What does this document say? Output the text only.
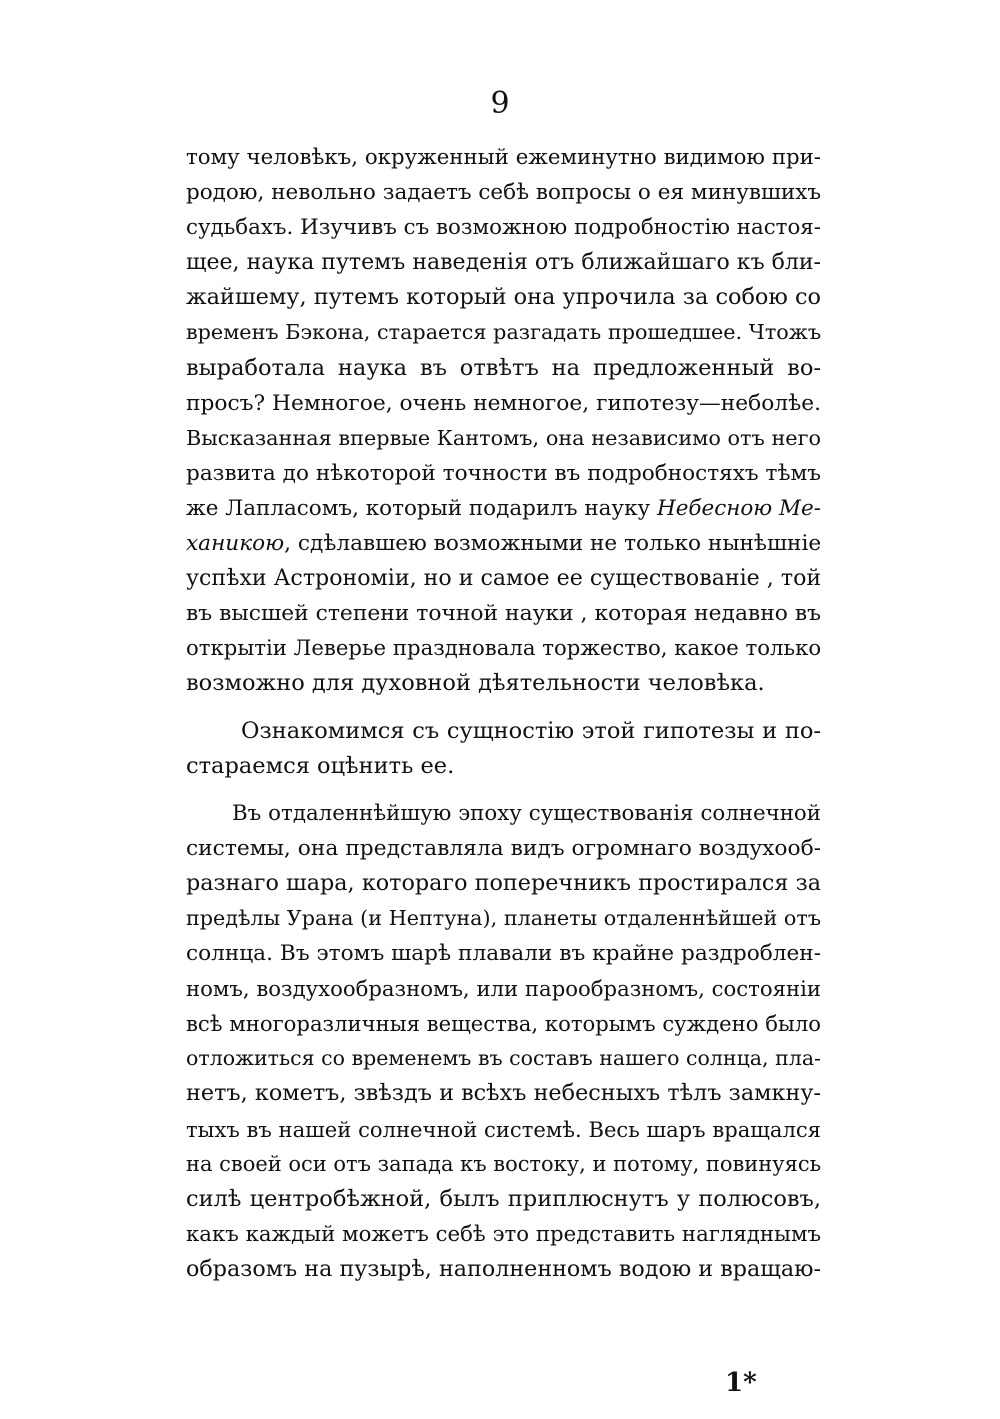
9
тому человѣкъ, окруженный ежеминутно видимою при-
родою, невольно задаетъ себѣ вопросы о ея минувшихъ
судьбахъ. Изучивъ съ возможною подробностію настоя-
щее, наука путемъ наведенія отъ ближайшаго къ бли-
жайшему, путемъ который она упрочила за собою со
временъ Бэкона, старается разгадать прошедшее. Чтожъ
выработала наука въ отвѣтъ на предложенный во-
просъ? Немногое, очень немногое, гипотезу—неболѣе.
Высказанная впервые Кантомъ, она независимо отъ него
развита до нѣкоторой точности въ подробностяхъ тѣмъ
же Лапласомъ, который подарилъ науку Небесною Ме-
ханикою, сдѣлавшею возможными не только нынѣшніе
успѣхи Астрономіи, но и самое ее существованіе , той
въ высшей степени точной науки , которая недавно въ
открытіи Леверье праздновала торжество, какое только
возможно для духовной дѣятельности человѣка.
Ознакомимся съ сущностію этой гипотезы и по-
стараемся оцѣнить ее.
Въ отдаленнѣйшую эпоху существованія солнечной
системы, она представляла видъ огромнаго воздухооб-
разнаго шара, котораго поперечникъ простирался за
предѣлы Урана (и Нептуна), планеты отдаленнѣйшей отъ
солнца. Въ этомъ шарѣ плавали въ крайне раздроблен-
номъ, воздухообразномъ, или парообразномъ, состояніи
всѣ многоразличныя вещества, которымъ суждено было
отложиться со временемъ въ составъ нашего солнца, пла-
нетъ, кометъ, звѣздъ и всѣхъ небесныхъ тѣлъ замкну-
тыхъ въ нашей солнечной системѣ. Весь шаръ вращался
на своей оси отъ запада къ востоку, и потому, повинуясь
силѣ центробѣжной, былъ приплюснутъ у полюсовъ,
какъ каждый можетъ себѣ это представить нагляднымъ
образомъ на пузырѣ, наполненномъ водою и вращаю-
1*
